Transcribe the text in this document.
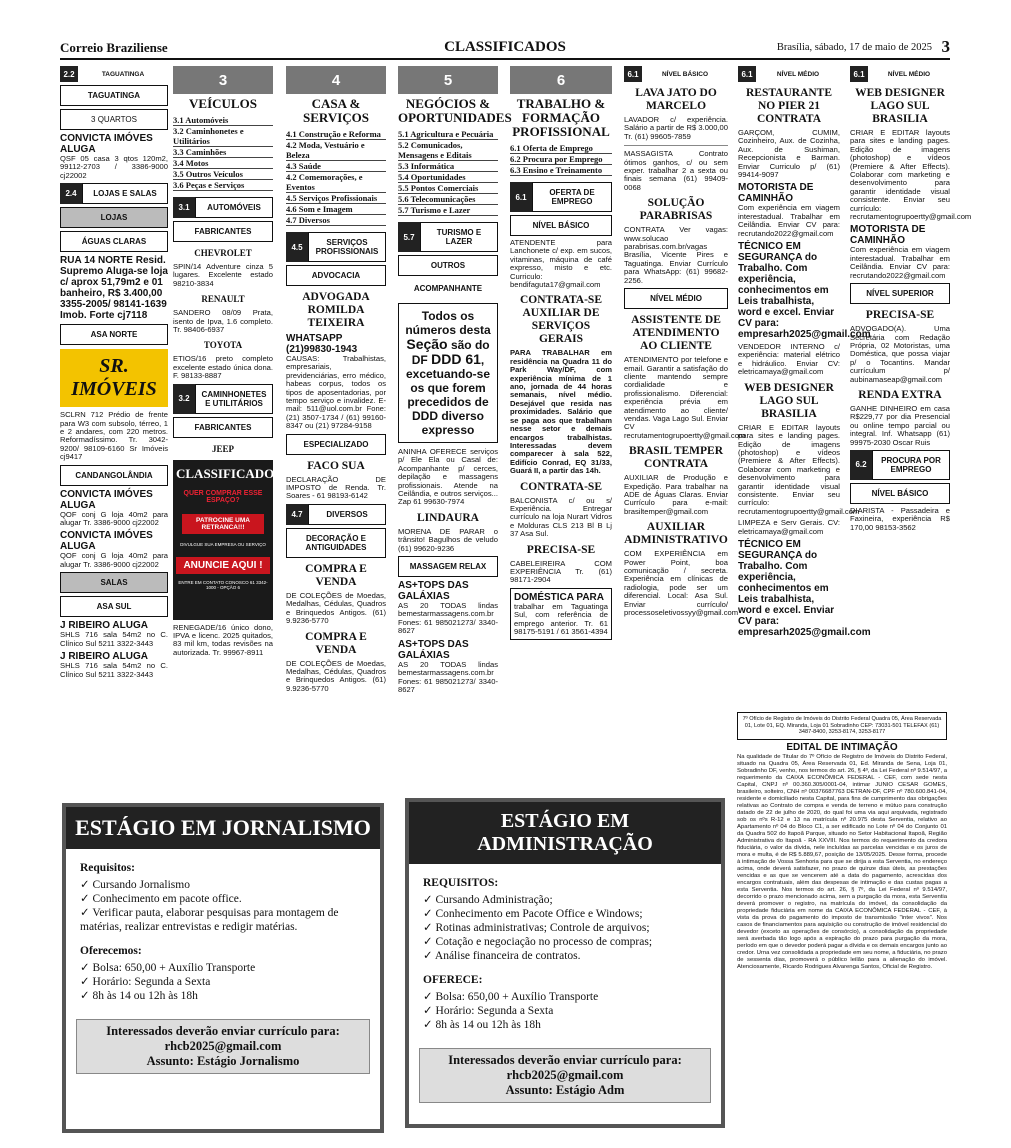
Correio Braziliense	CLASSIFICADOS	Brasília, sábado, 17 de maio de 2025 3
2.2	TAGUATINGA
TAGUATINGA
3 QUARTOS
CONVICTA IMÓVES ALUGA
QSF 05 casa 3 qtos 120m2, 99112-2703 / 3386-9000 cj22002
2.4	LOJAS E SALAS
LOJAS
ÁGUAS CLARAS
RUA 14 NORTE Resid. Supremo Aluga-se loja c/ aprox 51,79m2 e 01 banheiro, R$ 3.400,00 3355-2005/ 98141-1639 Imob. Forte cj7118
ASA NORTE
SR. IMÓVEIS
SCLRN 712 Prédio de frente para W3 com subsolo, térreo, 1 e 2 andares, com 220 metros. Reformadíssimo. Tr. 3042-9200/ 98109-6160 Sr Imóveis cj9417
CANDANGOLÂNDIA
CONVICTA IMÓVES ALUGA
QOF conj G loja 40m2 para alugar Tr. 3386-9000 cj22002
CONVICTA IMÓVES ALUGA
QOF conj G loja 40m2 para alugar Tr. 3386-9000 cj22002
SALAS
ASA SUL
J RIBEIRO ALUGA
SHLS 716 sala 54m2 no C. Clínico Sul 5211 3322-3443
J RIBEIRO ALUGA
SHLS 716 sala 54m2 no C. Clínico Sul 5211 3322-3443
3
VEÍCULOS
3.1 Automóveis
3.2 Caminhonetes e Utilitários
3.3 Caminhões
3.4 Motos
3.5 Outros Veículos
3.6 Peças e Serviços
3.1	AUTOMÓVEIS
FABRICANTES
CHEVROLET
SPIN/14 Adventure cinza 5 lugares. Excelente estado 98210-3834
RENAULT
SANDERO 08/09 Prata, isento de Ipva, 1.6 completo. Tr. 98406-6937
TOYOTA
ETIOS/16 preto completo excelente estado única dona. F. 98133-8887
3.2	CAMINHONETES E UTILITÁRIOS
FABRICANTES
JEEP
CLASSIFICADOS
QUER COMPRAR ESSE ESPAÇO?
PATROCINE UMA RETRANCA!!!
DIVULGUE SUA EMPRESA OU SERVIÇO
ANUNCIE AQUI !
ENTRE EM CONTATO CONOSCO 61 3342-1000 - OPÇÃO 6
RENEGADE/16 único dono, IPVA e licenc. 2025 quitados, 83 mil km, todas revisões na autorizada. Tr. 99967-8911
4
CASA & SERVIÇOS
4.1 Construção e Reforma
4.2 Moda, Vestuário e Beleza
4.3 Saúde
4.2 Comemorações, e Eventos
4.5 Serviços Profissionais
4.6 Som e Imagem
4.7 Diversos
4.5	SERVIÇOS PROFISSIONAIS
ADVOCACIA
ADVOGADA ROMILDA TEIXEIRA
WHATSAPP (21)99830-1943
CAUSAS: Trabalhistas, empresariais, previdenciárias, erro médico, habeas corpus, todos os tipos de aposentadorias, por tempo serviço e invalidez. E-mail: 511@uol.com.br Fone: (21) 3507-1734 / (61) 99160-8347 ou (21) 97284-9158
ESPECIALIZADO
FACO SUA
DECLARAÇÃO DE IMPOSTO de Renda. Tr. Soares - 61 98193-6142
4.7	DIVERSOS
DECORAÇÃO E ANTIGUIDADES
COMPRA E VENDA
DE COLEÇÕES de Moedas, Medalhas, Cédulas, Quadros e Brinquedos Antigos. (61) 9.9236-5770
COMPRA E VENDA
DE COLEÇÕES de Moedas, Medalhas, Cédulas, Quadros e Brinquedos Antigos. (61) 9.9236-5770
5
NEGÓCIOS & OPORTUNIDADES
5.1 Agricultura e Pecuária
5.2 Comunicados, Mensagens e Editais
5.3 Informática
5.4 Oportunidades
5.5 Pontos Comerciais
5.6 Telecomunicações
5.7 Turismo e Lazer
5.7	TURISMO E LAZER
OUTROS
ACOMPANHANTE
Todos os números desta Seção são do DF DDD 61, excetuando-se os que forem precedidos de DDD diverso expresso
ANINHA OFERECE serviços p/ Ele Ela ou Casal de: Acompanhante p/ cerces, depilação e massagens profissionais. Atende na Ceilândia, e outros serviços... Zap 61 99630-7974
LINDAURA
MORENA DE PARAR o trânsito! Bagulhos de veludo (61) 99620-9236
MASSAGEM RELAX
AS+TOPS DAS GALÁXIAS
AS 20 TODAS lindas bemestarmassagens.com.br Fones: 61 985021273/ 3340-8627
AS+TOPS DAS GALÁXIAS
AS 20 TODAS lindas bemestarmassagens.com.br Fones: 61 985021273/ 3340-8627
6
TRABALHO & FORMAÇÃO PROFISSIONAL
6.1 Oferta de Emprego
6.2 Procura por Emprego
6.3 Ensino e Treinamento
6.1	OFERTA DE EMPREGO
NÍVEL BÁSICO
ATENDENTE para Lanchonete c/ exp. em sucos, vitaminas, máquina de café expresso, misto e etc. Curriculo: bendifaguta17@gmail.com
CONTRATA-SE AUXILIAR DE SERVIÇOS GERAIS
PARA TRABALHAR em residência na Quadra 11 do Park Way/DF, com experiência mínima de 1 ano, jornada de 44 horas semanais, nível médio. Desejável que resida nas proximidades. Salário que se paga aos que trabalham nesse setor e demais encargos trabalhistas. Interessadas devem comparecer à sala 522, Edifício Conrad, EQ 31/33, Guará II, a partir das 14h.
CONTRATA-SE
BALCONISTA c/ ou s/ Experiência. Entregar currículo na loja Nurart Vidros e Molduras CLS 213 Bl B Lj 37 Asa Sul.
PRECISA-SE
CABELEIREIRA COM EXPERIÊNCIA Tr. (61) 98171-2904
DOMÉSTICA PARA
trabalhar em Taguatinga Sul, com referência de emprego anterior. Tr. 61 98175-5191 / 61 3561-4394
6.1	NÍVEL BÁSICO
LAVA JATO DO MARCELO
LAVADOR c/ experiência. Salário a partir de R$ 3.000,00 Tr. (61) 99605-7859
MASSAGISTA Contrato ótimos ganhos, c/ ou sem exper. trabalhar 2 a sexta ou finais semana (61) 99409-0068
SOLUÇÃO PARABRISAS
CONTRATA Ver vagas: www.solucao parabrisas.com.br/vagas Brasília, Vicente Pires e Taguatinga. Enviar Currículo para WhatsApp: (61) 99682-2256.
NÍVEL MÉDIO
ASSISTENTE DE ATENDIMENTO AO CLIENTE
ATENDIMENTO por telefone e email. Garantir a satisfação do cliente mantendo sempre cordialidade e profissionalismo. Diferencial: experiência prévia em atendimento ao cliente/ vendas. Vaga Lago Sul. Enviar CV recrutamentogrupoertty@gmail.com
BRASIL TEMPER CONTRATA
AUXILIAR de Produção e Expedição. Para trabalhar na ADE de Águas Claras. Enviar Currículo para e-mail: brasiltemper@gmail.com
AUXILIAR ADMINISTRATIVO
COM EXPERIÊNCIA em Power Point, boa comunicação / secreta. Experiência em clínicas de radiologia, pode ser um diferencial. Local: Asa Sul. Enviar currículo/ processoseletivossyy@gmail.com
6.1	NÍVEL MÉDIO
RESTAURANTE NO PIER 21 CONTRATA
GARÇOM, CUMIM, Cozinheiro, Aux. de Cozinha, Aux. de Sushiman, Recepcionista e Barman. Enviar Curriculo p/ (61) 99414-9097
MOTORISTA DE CAMINHÃO
Com experiência em viagem interestadual. Trabalhar em Ceilândia. Enviar CV para: recrutando2022@gmail.com
TÉCNICO EM SEGURANÇA do Trabalho. Com experiência, conhecimentos em Leis trabalhista, word e excel. Enviar CV para: empresarh2025@gmail.com
VENDEDOR INTERNO c/ experiência: material elétrico e hidráulico. Enviar CV: eletricamaya@gmail.com
WEB DESIGNER LAGO SUL BRASILIA
CRIAR E EDITAR layouts para sites e landing pages. Edição de imagens (photoshop) e vídeos (Premiere & After Effects). Colaborar com marketing e desenvolvimento para garantir identidade visual consistente. Enviar seu currículo: recrutamentogrupoertty@gmail.com
LIMPEZA e Serv Gerais. CV: eletricamaya@gmail.com
TÉCNICO EM SEGURANÇA do Trabalho. Com experiência, conhecimentos em Leis trabalhista, word e excel. Enviar CV para: empresarh2025@gmail.com
6.1	NÍVEL MÉDIO
WEB DESIGNER LAGO SUL BRASILIA
CRIAR E EDITAR layouts para sites e landing pages. Edição de imagens (photoshop) e vídeos (Premiere & After Effects). Colaborar com marketing e desenvolvimento para garantir identidade visual consistente. Enviar seu currículo: recrutamentogrupoertty@gmail.com
MOTORISTA DE CAMINHÃO
Com experiência em viagem interestadual. Trabalhar em Ceilândia. Enviar CV para: recrutando2022@gmail.com
NÍVEL SUPERIOR
PRECISA-SE
ADVOGADO(A). Uma Secretária com Redação Própria, 02 Motoristas, uma Doméstica, que possa viajar p/ o Tocantins. Mandar currículum p/ aubinamaseap@gmail.com
RENDA EXTRA
GANHE DINHEIRO em casa R$229,77 por dia Presencial ou online tempo parcial ou integral. Inf. Whatsapp (61) 99975-2030 Oscar Ruis
6.2	PROCURA POR EMPREGO
NÍVEL BÁSICO
DIARISTA - Passadeira e Faxineira, experiência R$ 170,00 98153-3562
7º Ofício de Registro de Imóveis do Distrito Federal Quadra 05, Área Reservada 01, Lote 01, EQ. Miranda, Loja 01 Sobradinho CEP: 73031-501 TELEFAX (61) 3487-8400, 3253-8174, 3253-8177
EDITAL DE INTIMAÇÃO
Na qualidade de Titular do 7º Ofício de Registro de Imóveis do Distrito Federal, situado na Quadra 05, Área Reservada 01, Ed. Miranda de Sena, Loja 01, Sobradinho DF, venho, nos termos do art. 26, § 4º, da Lei Federal nº 9.514/97, a requerimento da CAIXA ECONÔMICA FEDERAL - CEF, com sede nesta Capital, CNPJ nº 00.360.305/0001-04, intimar JUNIO CESAR GOMES, brasileiro, solteiro, CNH nº 00376687763 DETRAN-DF, CPF nº 780.600.841-04, residente e domiciliado nesta Capital, para fins de cumprimento das obrigações relativas ao Contrato de compra e venda de terreno e mútuo para construção datado de 22 de julho de 2020, do qual foi uma via aqui arquivada, registrado sob os nºs R-12 e 13 na matrícula nº 20.975 desta Serventia, relativo ao Apartamento nº 04 do Bloco C1, a ser edificado no Lote nº 04 do Conjunto 01 da Quadra 502 do Itapoã Parque, situado no Setor Habitacional Itapoã, Região Administrativa do Itapoã - RA XXVIII. Nos termos do requerimento da credora fiduciária, o valor da dívida, nele incluídas as parcelas vencidas e os juros de mora e multa, é de R$ 5.889,67, posição de 13/05/2025. Desse forma, procede à intimação de Vossa Senhoria para que se dirija a esta Serventia, no endereço acima, onde deverá satisfazer, no prazo de quinze dias úteis, as prestações vencidas e as que se vencerem até a data do pagamento, acrescidas dos encargos contratuais, além das despesas de intimação e das custas pagas a esta Serventia. Nos termos do art. 26, § 7º, da Lei Federal nº 9.514/97, decorrido o prazo mencionado acima, sem a purgação da mora, esta Serventia deverá promover o registro, na matrícula do imóvel, da consolidação da propriedade fiduciária em nome da CAIXA ECONÔMICA FEDERAL - CEF, à vista da prova do pagamento do imposto de transmissão "inter vivos". Nos casos de financiamentos para aquisição ou construção de imóvel residencial do devedor (exceto as operações de consórcio), a consolidação da propriedade será averbada tão logo após a expiração do prazo para purgação da mora, período em que o devedor poderá pagar a dívida e os demais encargos junto ao credor. Urna vez consolidada a propriedade em seu nome, a fiduciária, no prazo de sessenta dias, promoverá o público leilão para a alienação do imóvel. Atenciosamente, Ricardo Rodrigues Alvarenga Santos, Oficial de Registro.
ESTÁGIO EM JORNALISMO
Requisitos:
✓ Cursando Jornalismo
✓ Conhecimento em pacote office.
✓ Verificar pauta, elaborar pesquisas para montagem de matérias, realizar entrevistas e redigir matérias.
Oferecemos:
✓ Bolsa: 650,00 + Auxílio Transporte
✓ Horário: Segunda a Sexta
✓ 8h às 14 ou 12h às 18h
Interessados deverão enviar currículo para:
rhcb2025@gmail.com
Assunto: Estágio Jornalismo
ESTÁGIO EM ADMINISTRAÇÃO
REQUISITOS:
✓ Cursando Administração;
✓ Conhecimento em Pacote Office e Windows;
✓ Rotinas administrativas; Controle de arquivos;
✓ Cotação e negociação no processo de compras;
✓ Análise financeira de contratos.
OFERECE:
✓ Bolsa: 650,00 + Auxílio Transporte
✓ Horário: Segunda a Sexta
✓ 8h às 14 ou 12h às 18h
Interessados deverão enviar currículo para:
rhcb2025@gmail.com
Assunto: Estágio Adm
